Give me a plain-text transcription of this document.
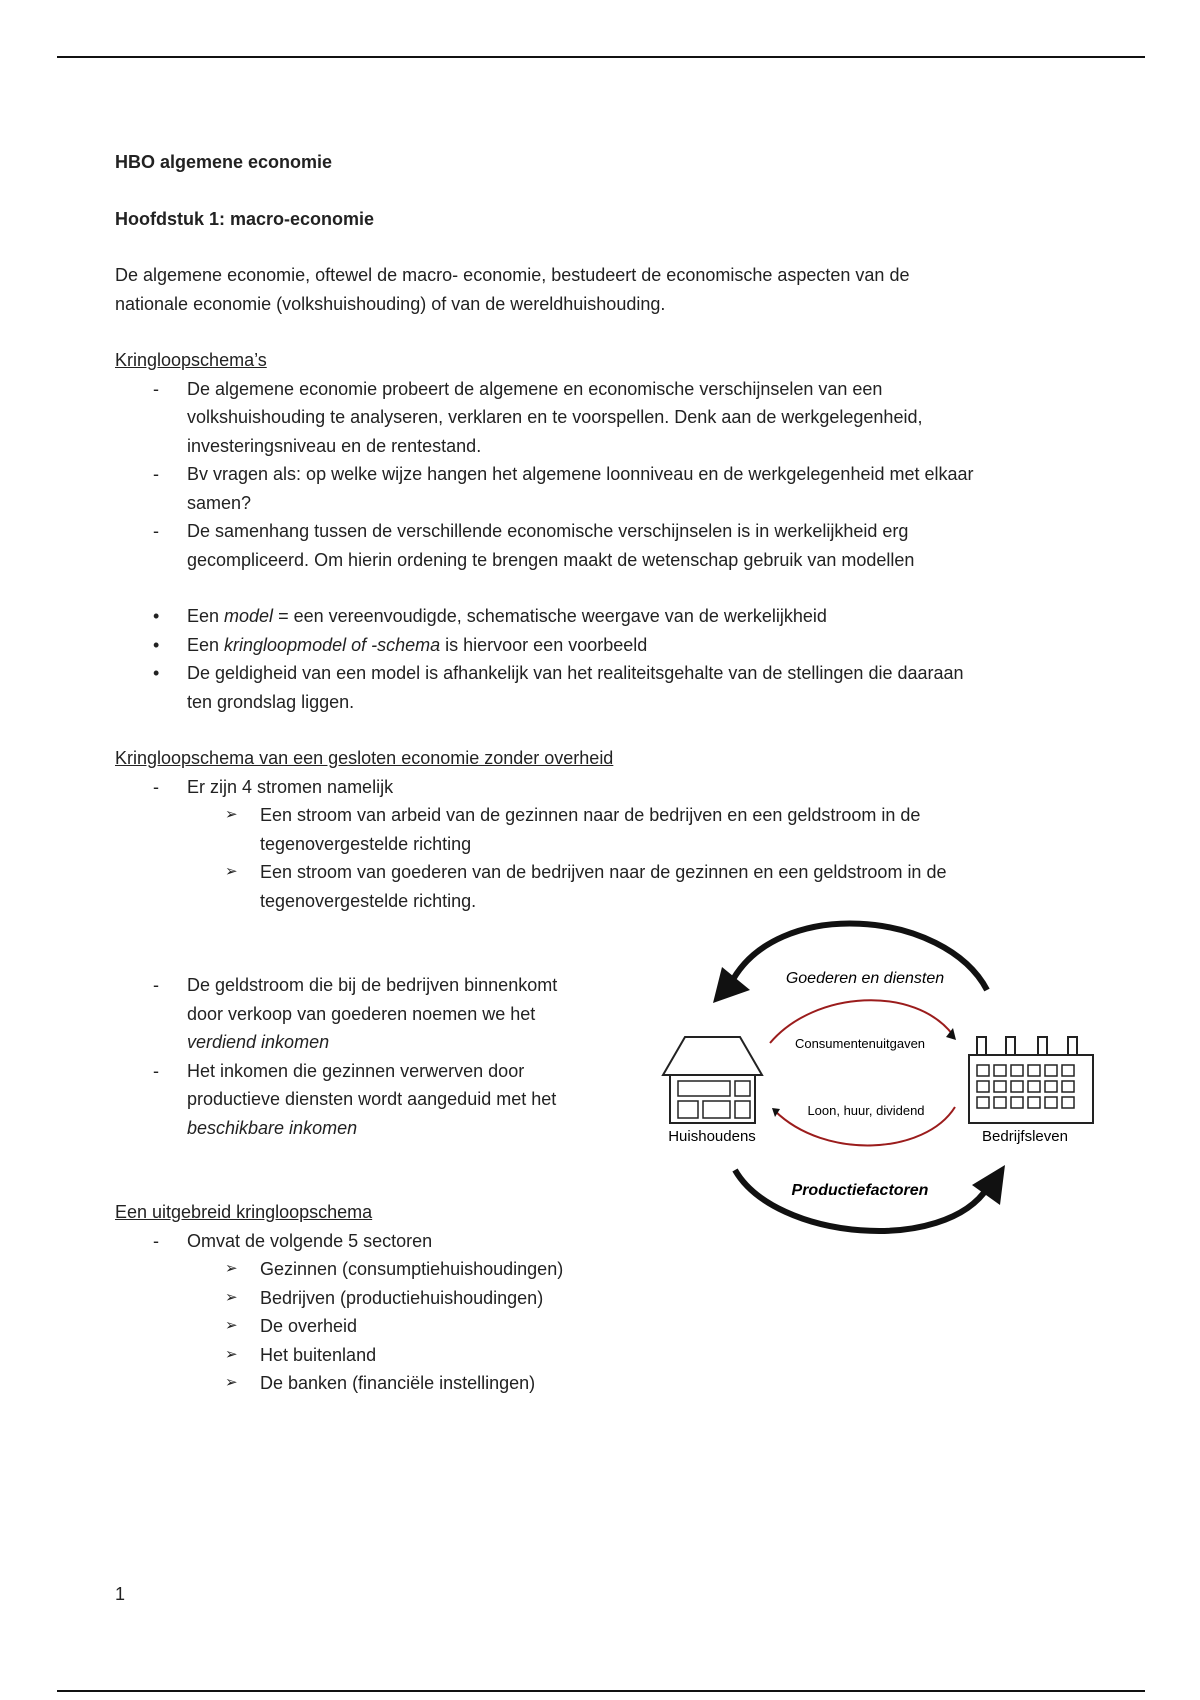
HBO algemene economie

Hoofdstuk 1: macro-economie

De algemene economie, oftewel de macro- economie, bestudeert de economische aspecten van de

nationale economie (volkshuishouding) of van de wereldhuishouding.

Kringloopschema’s

- De algemene economie probeert de algemene en economische verschijnselen van een
volkshuishouding te analyseren, verklaren en te voorspellen. Denk aan de werkgelegenheid,
investeringsniveau en de rentestand.
- Bv vragen als: op welke wijze hangen het algemene loonniveau en de werkgelegenheid met elkaar
samen?
- De samenhang tussen de verschillende economische verschijnselen is in werkelijkheid erg
gecompliceerd. Om hierin ordening te brengen maakt de wetenschap gebruik van modellen
• Een model = een vereenvoudigde, schematische weergave van de werkelijkheid
• Een kringloopmodel of -schema is hiervoor een voorbeeld
• De geldigheid van een model is afhankelijk van het realiteitsgehalte van de stellingen die daaraan
ten grondslag liggen.

Kringloopschema van een gesloten economie zonder overheid

- Er zijn 4 stromen namelijk
➢ Een stroom van arbeid van de gezinnen naar de bedrijven en een geldstroom in de
tegenovergestelde richting
➢ Een stroom van goederen van de bedrijven naar de gezinnen en een geldstroom in de
tegenovergestelde richting.
- De geldstroom die bij de bedrijven binnenkomt
door verkoop van goederen noemen we het
verdiend inkomen
- Het inkomen die gezinnen verwerven door
productieve diensten wordt aangeduid met het
beschikbare inkomen

Een uitgebreid kringloopschema

- Omvat de volgende 5 sectoren
➢ Gezinnen (consumptiehuishoudingen)
➢ Bedrijven (productiehuishoudingen)
➢ De overheid
➢ Het buitenland
➢ De banken (financiële instellingen)
Goederen en diensten
Productiefactoren
Consumentenuitgaven
Loon, huur, dividend
Huishoudens	Bedrijfsleven
1
